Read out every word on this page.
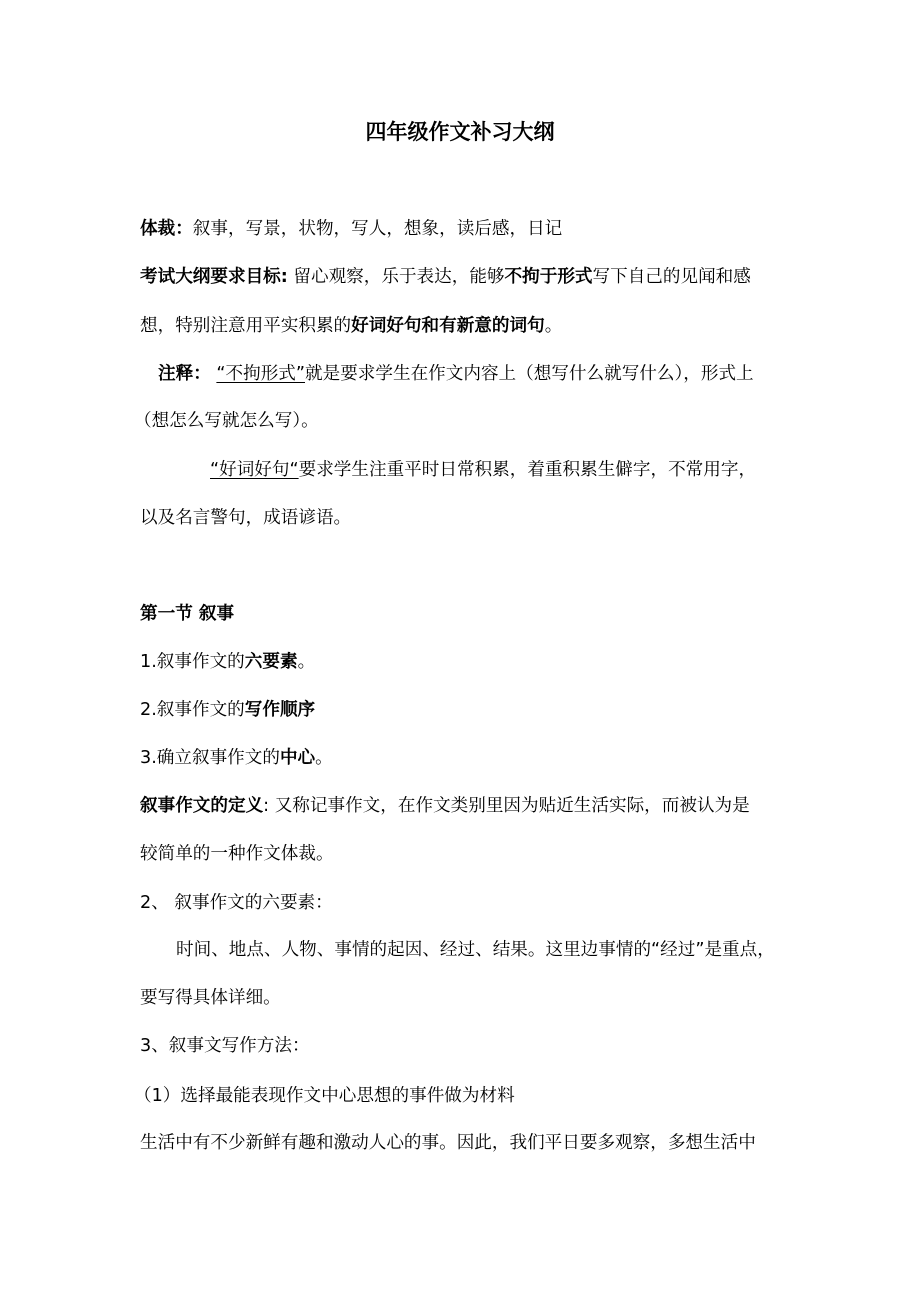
四年级作文补习大纲
体裁：叙事，写景，状物，写人，想象，读后感，日记
考试大纲要求目标: 留心观察，乐于表达，能够不拘于形式写下自己的见闻和感
想，特别注意用平实积累的好词好句和有新意的词句。
注释： “不拘形式”就是要求学生在作文内容上（想写什么就写什么），形式上
（想怎么写就怎么写）。
“好词好句“要求学生注重平时日常积累，着重积累生僻字，不常用字，
以及名言警句，成语谚语。
第一节 叙事
1.叙事作文的六要素。
2.叙事作文的写作顺序
3.确立叙事作文的中心。
叙事作文的定义: 又称记事作文，在作文类别里因为贴近生活实际，而被认为是
较简单的一种作文体裁。
2、 叙事作文的六要素：
时间、地点、人物、事情的起因、经过、结果。这里边事情的“经过”是重点，
要写得具体详细。
3、叙事文写作方法：
（1）选择最能表现作文中心思想的事件做为材料
生活中有不少新鲜有趣和激动人心的事。因此，我们平日要多观察，多想生活中
